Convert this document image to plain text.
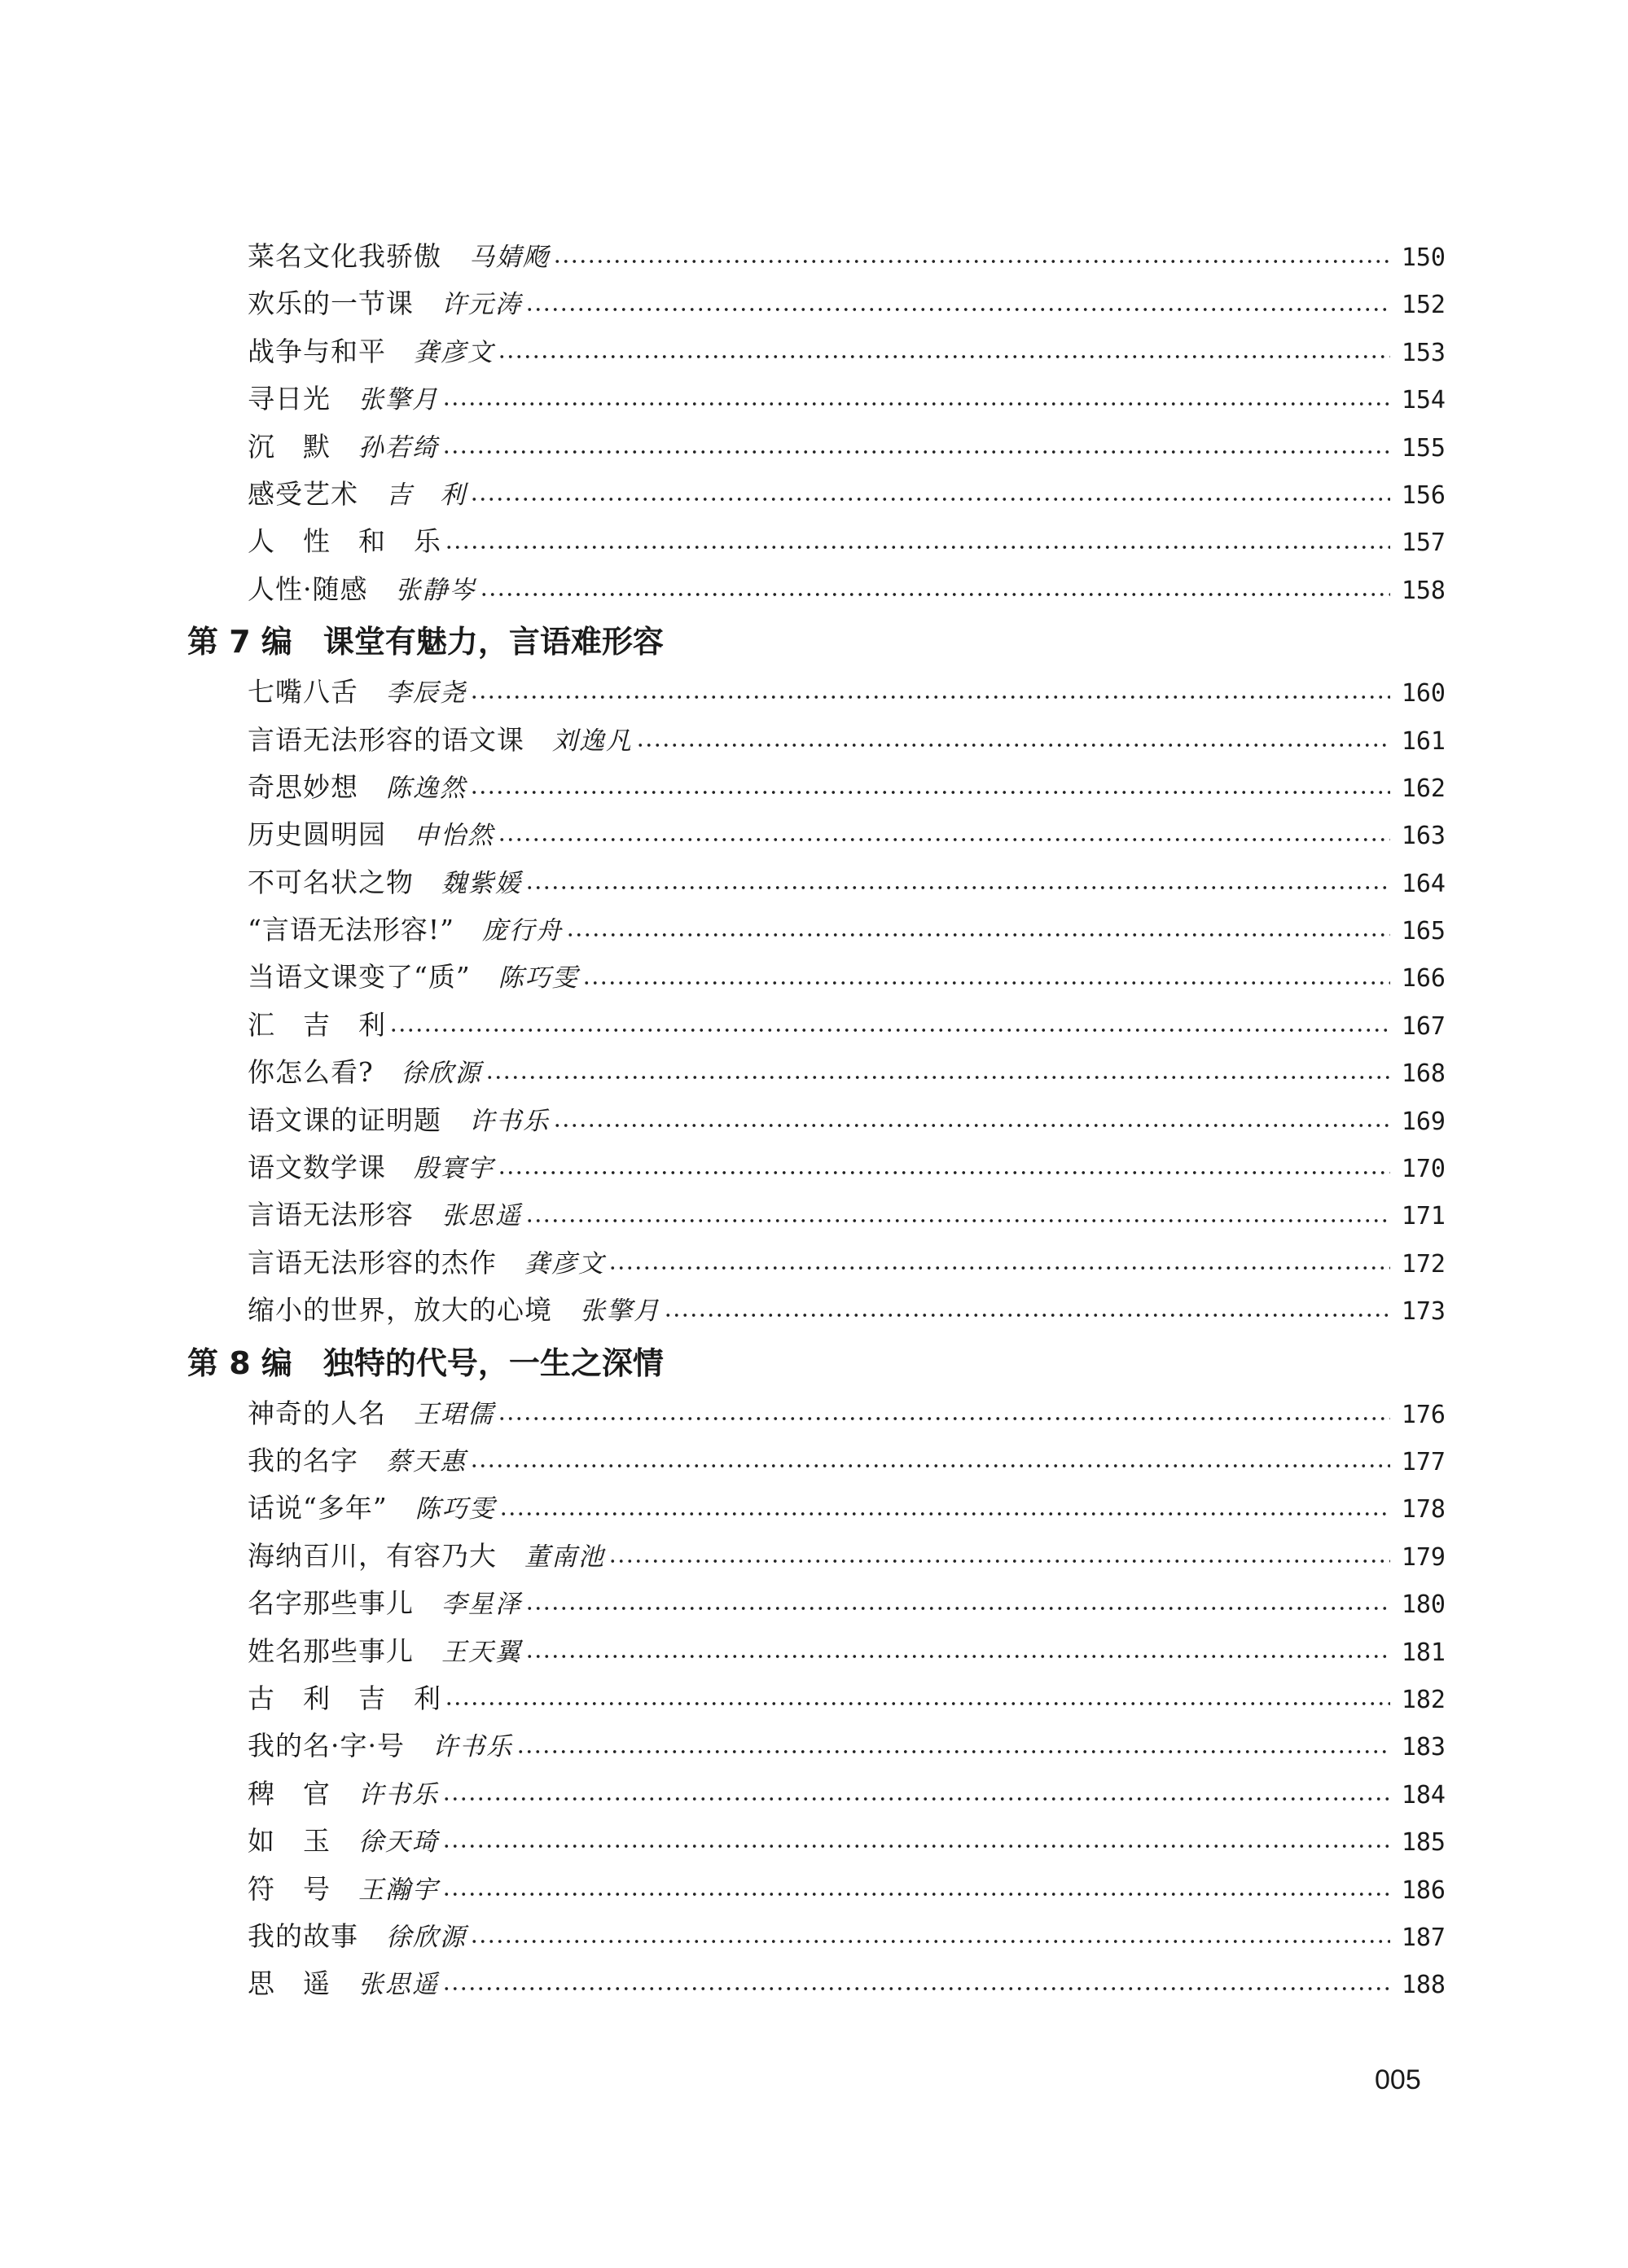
菜名文化我骄傲 马婧飏	150
欢乐的一节课 许元涛	152
战争与和平 龚彦文	153
寻日光 张擎月	154
沉　默 孙若绮	155
感受艺术 吉　利	156
人　性　和　乐	157
人性·随感 张静岑	158
第 7 编 课堂有魅力，言语难形容
七嘴八舌 李辰尧	160
言语无法形容的语文课 刘逸凡	161
奇思妙想 陈逸然	162
历史圆明园 申怡然	163
不可名状之物 魏紫媛	164
“言语无法形容!” 庞行舟	165
当语文课变了“质” 陈巧雯	166
汇　吉　利	167
你怎么看? 徐欣源	168
语文课的证明题 许书乐	169
语文数学课 殷寰宇	170
言语无法形容 张思遥	171
言语无法形容的杰作 龚彦文	172
缩小的世界，放大的心境 张擎月	173
第 8 编 独特的代号，一生之深情
神奇的人名 王珺儒	176
我的名字 蔡天惠	177
话说“多年” 陈巧雯	178
海纳百川，有容乃大 董南池	179
名字那些事儿 李星泽	180
姓名那些事儿 王天翼	181
古　利　吉　利	182
我的名·字·号 许书乐	183
稗　官 许书乐	184
如　玉 徐天琦	185
符　号 王瀚宇	186
我的故事 徐欣源	187
思　遥 张思遥	188
005
